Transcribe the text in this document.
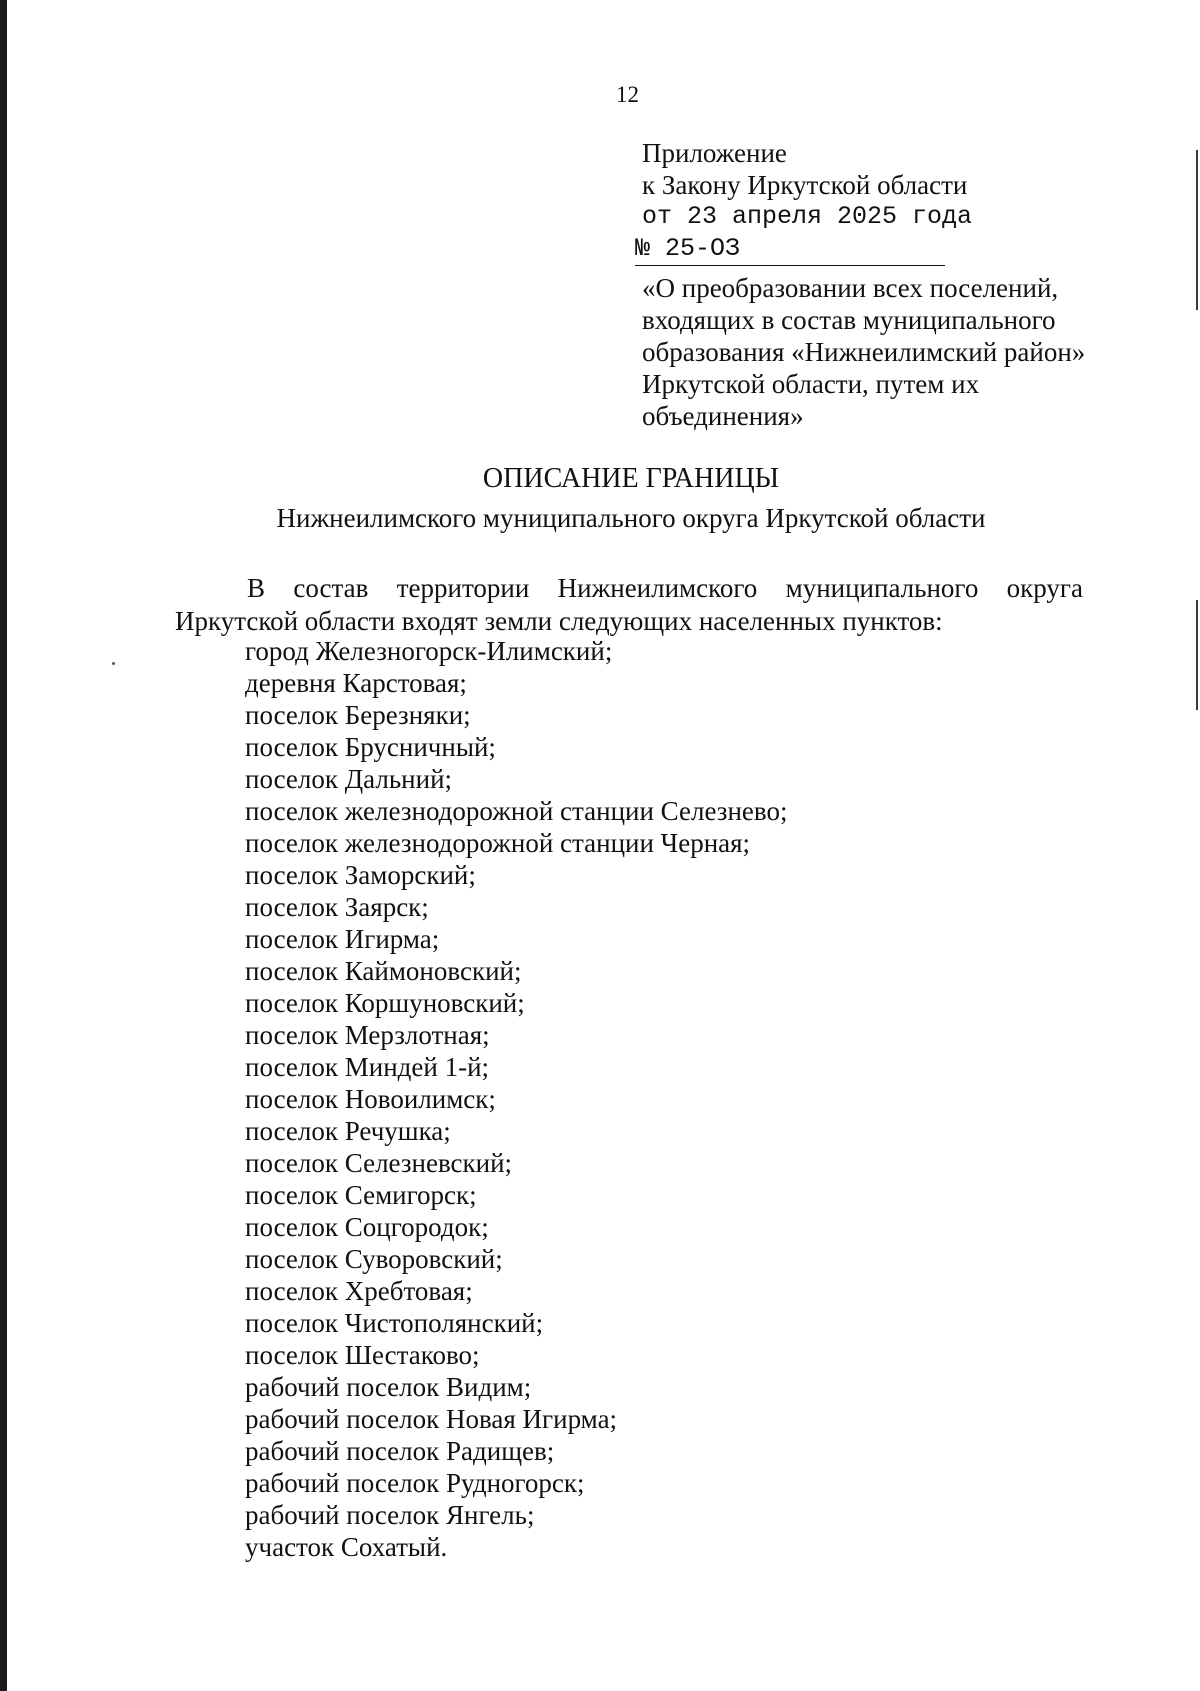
12
Приложение
к Закону Иркутской области
от 23 апреля 2025 года
№ 25-ОЗ
«О преобразовании всех поселений, входящих в состав муниципального образования «Нижнеилимский район» Иркутской области, путем их объединения»
ОПИСАНИЕ ГРАНИЦЫ
Нижнеилимского муниципального округа Иркутской области
В состав территории Нижнеилимского муниципального округа Иркутской области входят земли следующих населенных пунктов:
город Железногорск-Илимский;
деревня Карстовая;
поселок Березняки;
поселок Брусничный;
поселок Дальний;
поселок железнодорожной станции Селезнево;
поселок железнодорожной станции Черная;
поселок Заморский;
поселок Заярск;
поселок Игирма;
поселок Каймоновский;
поселок Коршуновский;
поселок Мерзлотная;
поселок Миндей 1-й;
поселок Новоилимск;
поселок Речушка;
поселок Селезневский;
поселок Семигорск;
поселок Соцгородок;
поселок Суворовский;
поселок Хребтовая;
поселок Чистополянский;
поселок Шестаково;
рабочий поселок Видим;
рабочий поселок Новая Игирма;
рабочий поселок Радищев;
рабочий поселок Рудногорск;
рабочий поселок Янгель;
участок Сохатый.
